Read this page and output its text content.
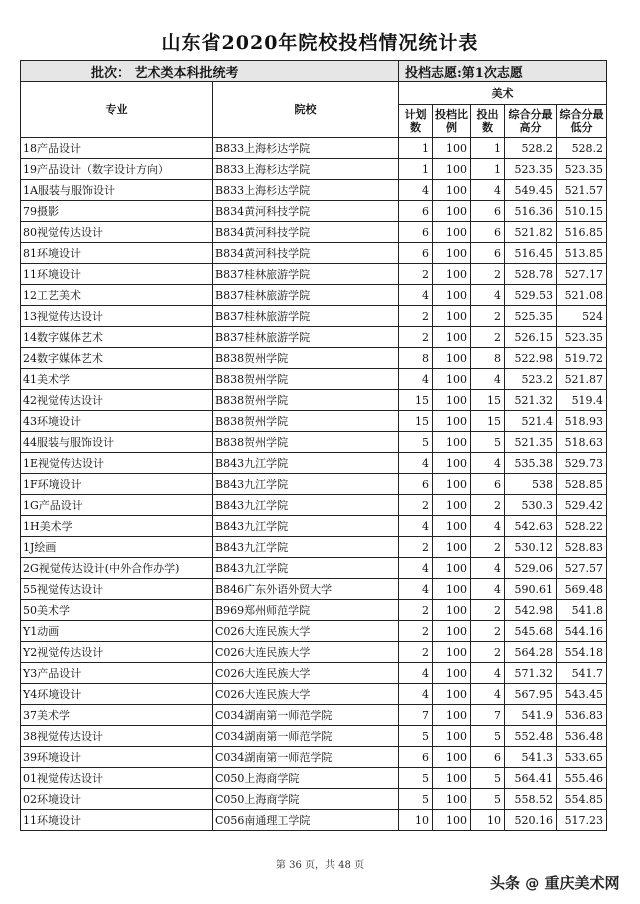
山东省2020年院校投档情况统计表
批次： 艺术类本科批统考		投档志愿:第1次志愿				
专业	院校	美术				
		计划数	投档比例	投出数	综合分最高分	综合分最低分
18产品设计	B833上海杉达学院	1	100	1	528.2	528.2
19产品设计（数字设计方向）	B833上海杉达学院	1	100	1	523.35	523.35
1A服装与服饰设计	B833上海杉达学院	4	100	4	549.45	521.57
79摄影	B834黄河科技学院	6	100	6	516.36	510.15
80视觉传达设计	B834黄河科技学院	6	100	6	521.82	516.85
81环境设计	B834黄河科技学院	6	100	6	516.45	513.85
11环境设计	B837桂林旅游学院	2	100	2	528.78	527.17
12工艺美术	B837桂林旅游学院	4	100	4	529.53	521.08
13视觉传达设计	B837桂林旅游学院	2	100	2	525.35	524
14数字媒体艺术	B837桂林旅游学院	2	100	2	526.15	523.35
24数字媒体艺术	B838贺州学院	8	100	8	522.98	519.72
41美术学	B838贺州学院	4	100	4	523.2	521.87
42视觉传达设计	B838贺州学院	15	100	15	521.32	519.4
43环境设计	B838贺州学院	15	100	15	521.4	518.93
44服装与服饰设计	B838贺州学院	5	100	5	521.35	518.63
1E视觉传达设计	B843九江学院	4	100	4	535.38	529.73
1F环境设计	B843九江学院	6	100	6	538	528.85
1G产品设计	B843九江学院	2	100	2	530.3	529.42
1H美术学	B843九江学院	4	100	4	542.63	528.22
1J绘画	B843九江学院	2	100	2	530.12	528.83
2G视觉传达设计(中外合作办学)	B843九江学院	4	100	4	529.06	527.57
55视觉传达设计	B846广东外语外贸大学	4	100	4	590.61	569.48
50美术学	B969郑州师范学院	2	100	2	542.98	541.8
Y1动画	C026大连民族大学	2	100	2	545.68	544.16
Y2视觉传达设计	C026大连民族大学	2	100	2	564.28	554.18
Y3产品设计	C026大连民族大学	4	100	4	571.32	541.7
Y4环境设计	C026大连民族大学	4	100	4	567.95	543.45
37美术学	C034湖南第一师范学院	7	100	7	541.9	536.83
38视觉传达设计	C034湖南第一师范学院	5	100	5	552.48	536.48
39环境设计	C034湖南第一师范学院	6	100	6	541.3	533.65
01视觉传达设计	C050上海商学院	5	100	5	564.41	555.46
02环境设计	C050上海商学院	5	100	5	558.52	554.85
11环境设计	C056南通理工学院	10	100	10	520.16	517.23
第 36 页，共 48 页
头条 @ 重庆美术网
